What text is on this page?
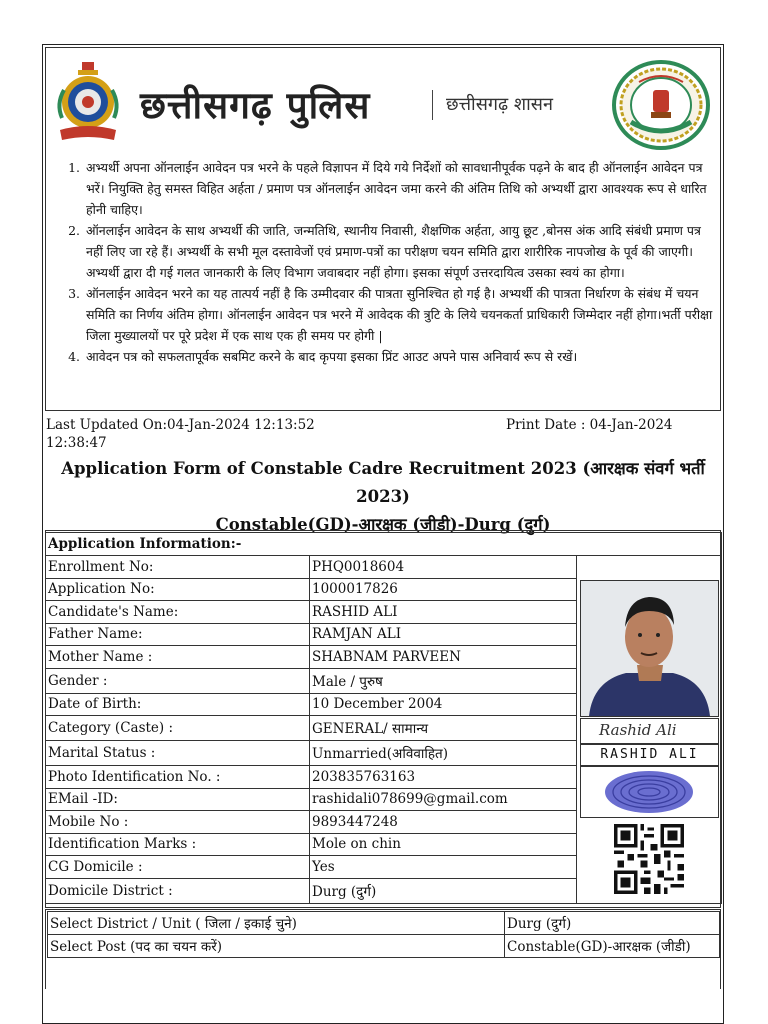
छत्तीसगढ़ पुलिस	छत्तीसगढ़ शासन
1. अभ्यर्थी अपना ऑनलाईन आवेदन पत्र भरने के पहले विज्ञापन में दिये गये निर्देशों को सावधानीपूर्वक पढ़ने के बाद ही ऑनलाईन आवेदन पत्र भरें। नियुक्ति हेतु समस्त विहित अर्हता / प्रमाण पत्र ऑनलाईन आवेदन जमा करने की अंतिम तिथि को अभ्यर्थी द्वारा आवश्यक रूप से धारित होनी चाहिए।
2. ऑनलाईन आवेदन के साथ अभ्यर्थी की जाति, जन्मतिथि, स्थानीय निवासी, शैक्षणिक अर्हता, आयु छूट ,बोनस अंक आदि संबंधी प्रमाण पत्र नहीं लिए जा रहे हैं। अभ्यर्थी के सभी मूल दस्तावेजों एवं प्रमाण-पत्रों का परीक्षण चयन समिति द्वारा शारीरिक नापजोख के पूर्व की जाएगी। अभ्यर्थी द्वारा दी गई गलत जानकारी के लिए विभाग जवाबदार नहीं होगा। इसका संपूर्ण उत्तरदायित्व उसका स्वयं का होगा।
3. ऑनलाईन आवेदन भरने का यह तात्पर्य नहीं है कि उम्मीदवार की पात्रता सुनिश्चित हो गई है। अभ्यर्थी की पात्रता निर्धारण के संबंध में चयन समिति का निर्णय अंतिम होगा। ऑनलाईन आवेदन पत्र भरने में आवेदक की त्रुटि के लिये चयनकर्ता प्राधिकारी जिम्मेदार नहीं होगा।भर्ती परीक्षा जिला मुख्यालयों पर पूरे प्रदेश में एक साथ एक ही समय पर होगी |
4. आवेदन पत्र को सफलतापूर्वक सबमिट करने के बाद कृपया इसका प्रिंट आउट अपने पास अनिवार्य रूप से रखें।
Last Updated On:04-Jan-2024 12:13:52 12:38:47
Print Date : 04-Jan-2024
Application Form of Constable Cadre Recruitment 2023 (आरक्षक संवर्ग भर्ती 2023)
Constable(GD)-आरक्षक (जीडी)-Durg (दुर्ग)
Application Information:-		
Enrollment No:	PHQ0018604	
Application No:	1000017826	
Candidate's Name:	RASHID ALI	
Father Name:	RAMJAN ALI	
Mother Name :	SHABNAM PARVEEN	
Gender :	Male / पुरुष	
Date of Birth:	10 December 2004	
Category (Caste) :	GENERAL/ सामान्य	
Marital Status :	Unmarried(अविवाहित)	
Photo Identification No. :	203835763163	
EMail -ID:	rashidali078699@gmail.com	
Mobile No :	9893447248	
Identification Marks :	Mole on chin	
CG Domicile :	Yes	
Domicile District :	Durg (दुर्ग)	
Rashid Ali
RASHID ALI
Select District / Unit ( जिला / इकाई चुने)	Durg (दुर्ग)
Select Post (पद का चयन करें)	Constable(GD)-आरक्षक (जीडी)
